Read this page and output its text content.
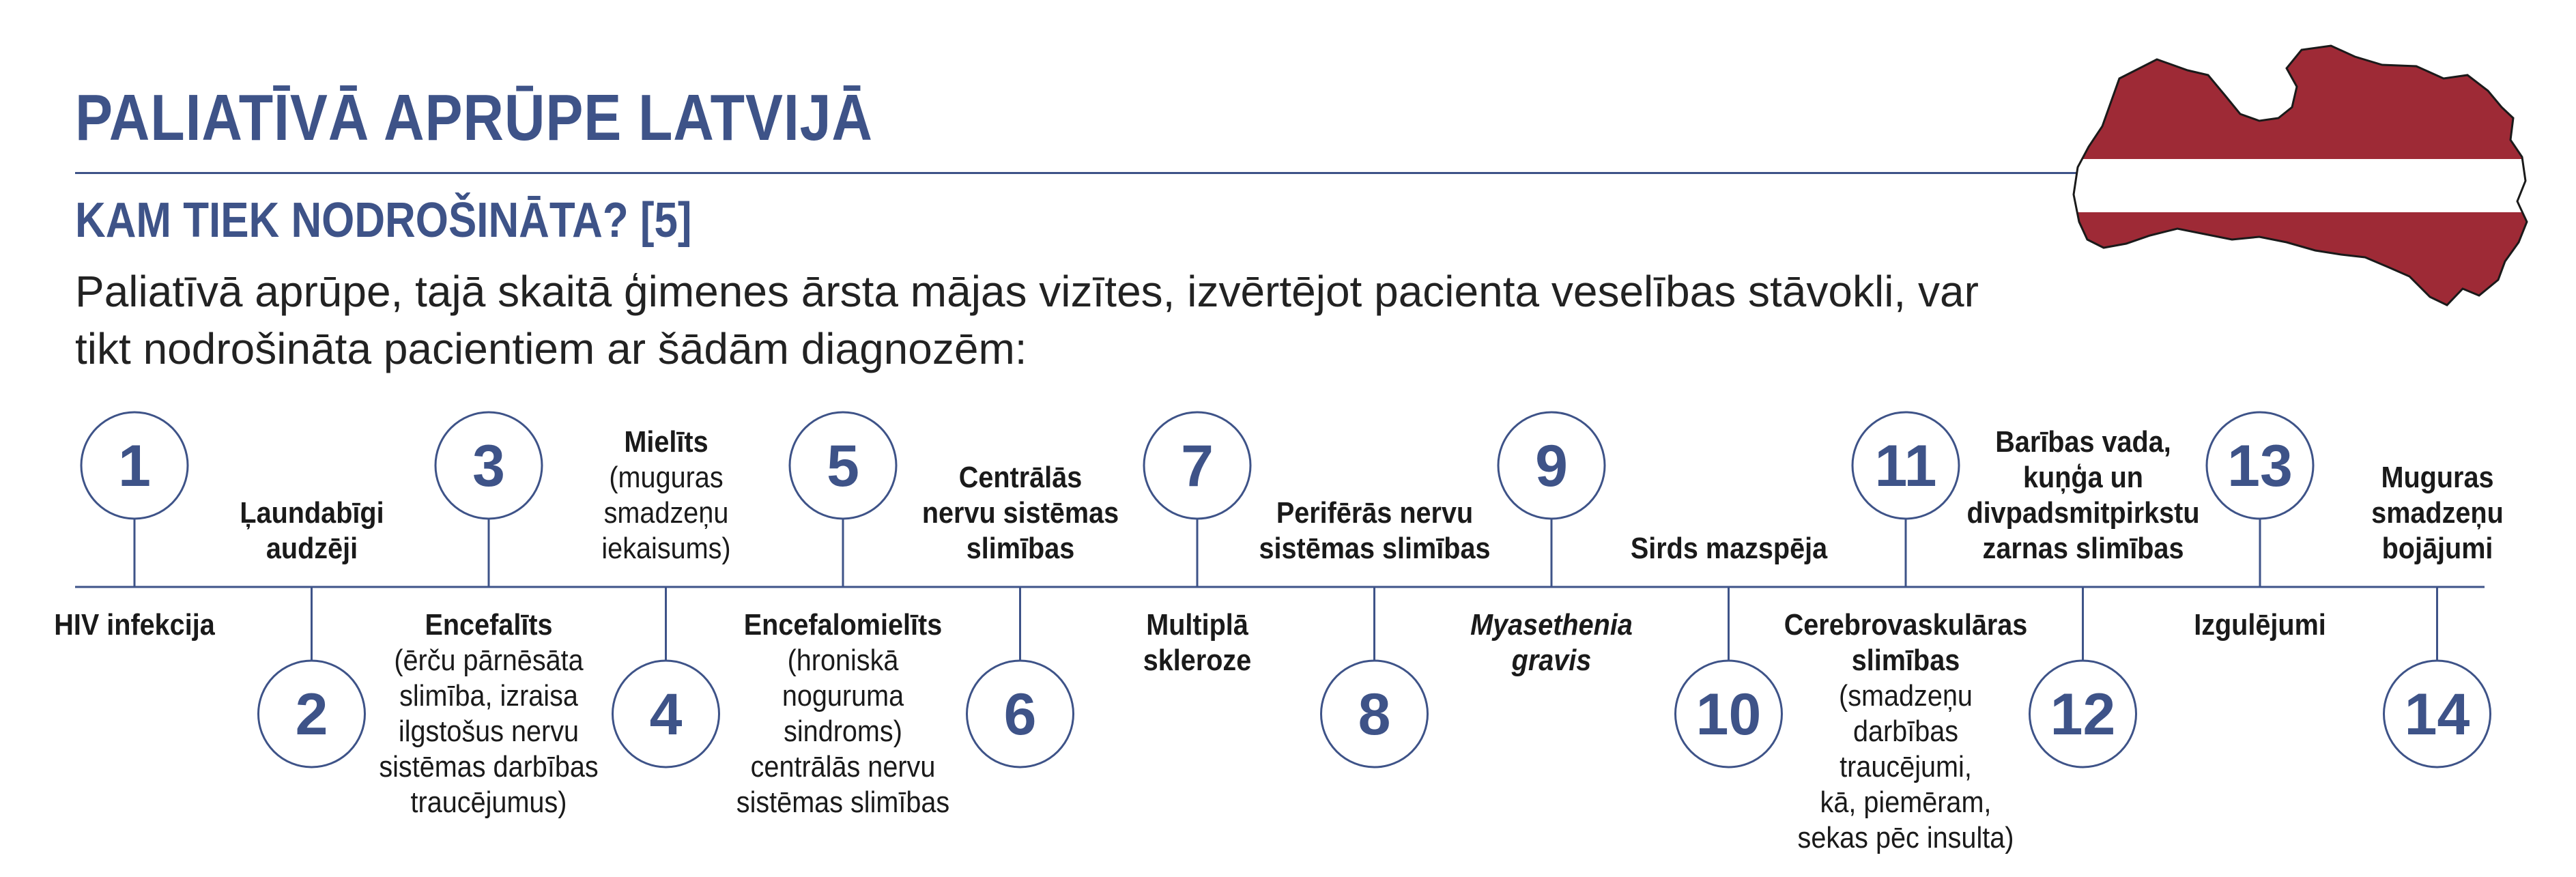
PALIATĪVĀ APRŪPE LATVIJĀ
KAM TIEK NODROŠINĀTA? [5]

Paliatīvā aprūpe, tajā skaitā ģimenes ārsta mājas vizītes, izvērtējot pacienta veselības stāvokli, var
tikt nodrošināta pacientiem ar šādām diagnozēm:

1
2
3
4
5
6
7
8
9
10
11
12
13
14
HIV infekcija
Ļaundabīgi
audzēji
Encefalīts
(ērču pārnēsāta
slimība, izraisa
ilgstošus nervu
sistēmas darbības
traucējumus)
Mielīts
(muguras
smadzeņu
iekaisums)
Encefalomielīts
(hroniskā
noguruma
sindroms)
centrālās nervu
sistēmas slimības
Centrālās
nervu sistēmas
slimības
Multiplā
skleroze
Perifērās nervu
sistēmas slimības
Myasethenia
gravis
Sirds mazspēja
Cerebrovaskulāras
slimības
(smadzeņu
darbības
traucējumi,
kā, piemēram,
sekas pēc insulta)
Barības vada,
kuņģa un
divpadsmitpirkstu
zarnas slimības
Izgulējumi
Muguras
smadzeņu
bojājumi
